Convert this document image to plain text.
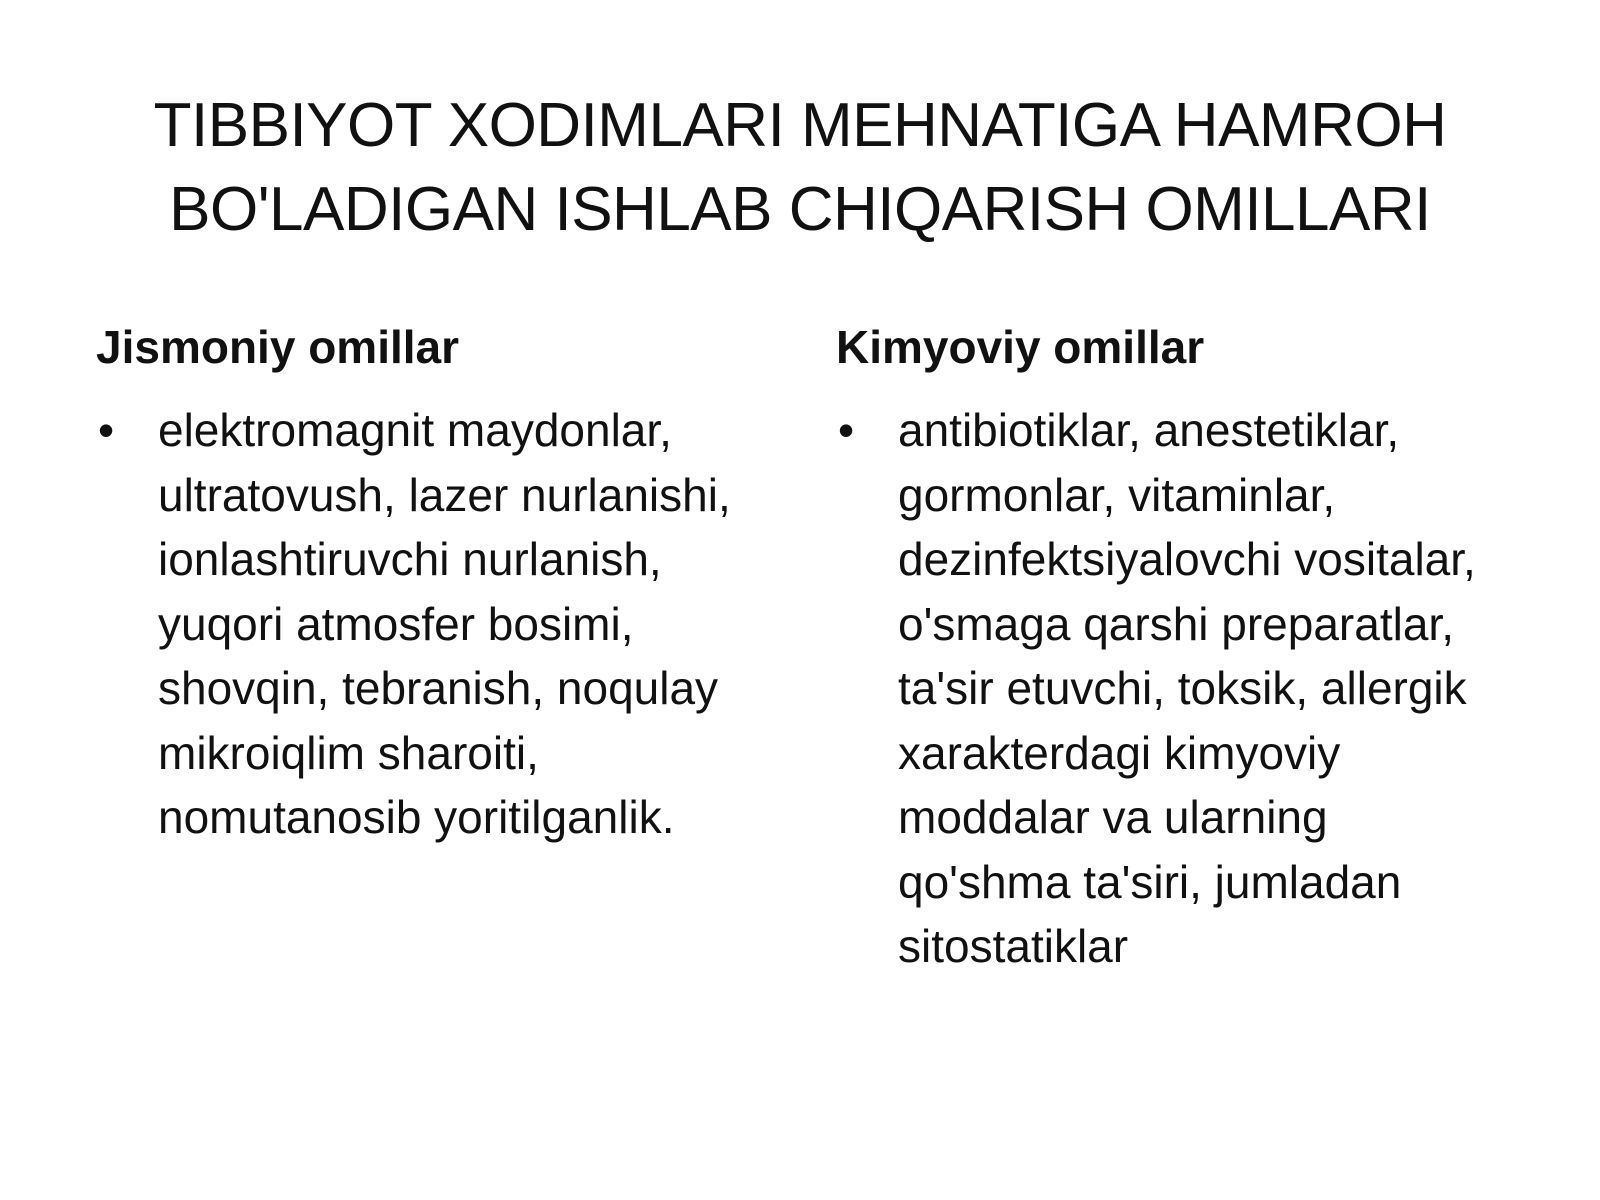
TIBBIYOT XODIMLARI MEHNATIGA HAMROH
BO'LADIGAN ISHLAB CHIQARISH OMILLARI
Jismoniy omillar
• elektromagnit maydonlar,
ultratovush, lazer nurlanishi,
ionlashtiruvchi nurlanish,
yuqori atmosfer bosimi,
shovqin, tebranish, noqulay
mikroiqlim sharoiti,
nomutanosib yoritilganlik.
Kimyoviy omillar
• antibiotiklar, anestetiklar,
gormonlar, vitaminlar,
dezinfektsiyalovchi vositalar,
o'smaga qarshi preparatlar,
ta'sir etuvchi, toksik, allergik
xarakterdagi kimyoviy
moddalar va ularning
qo'shma ta'siri, jumladan
sitostatiklar
